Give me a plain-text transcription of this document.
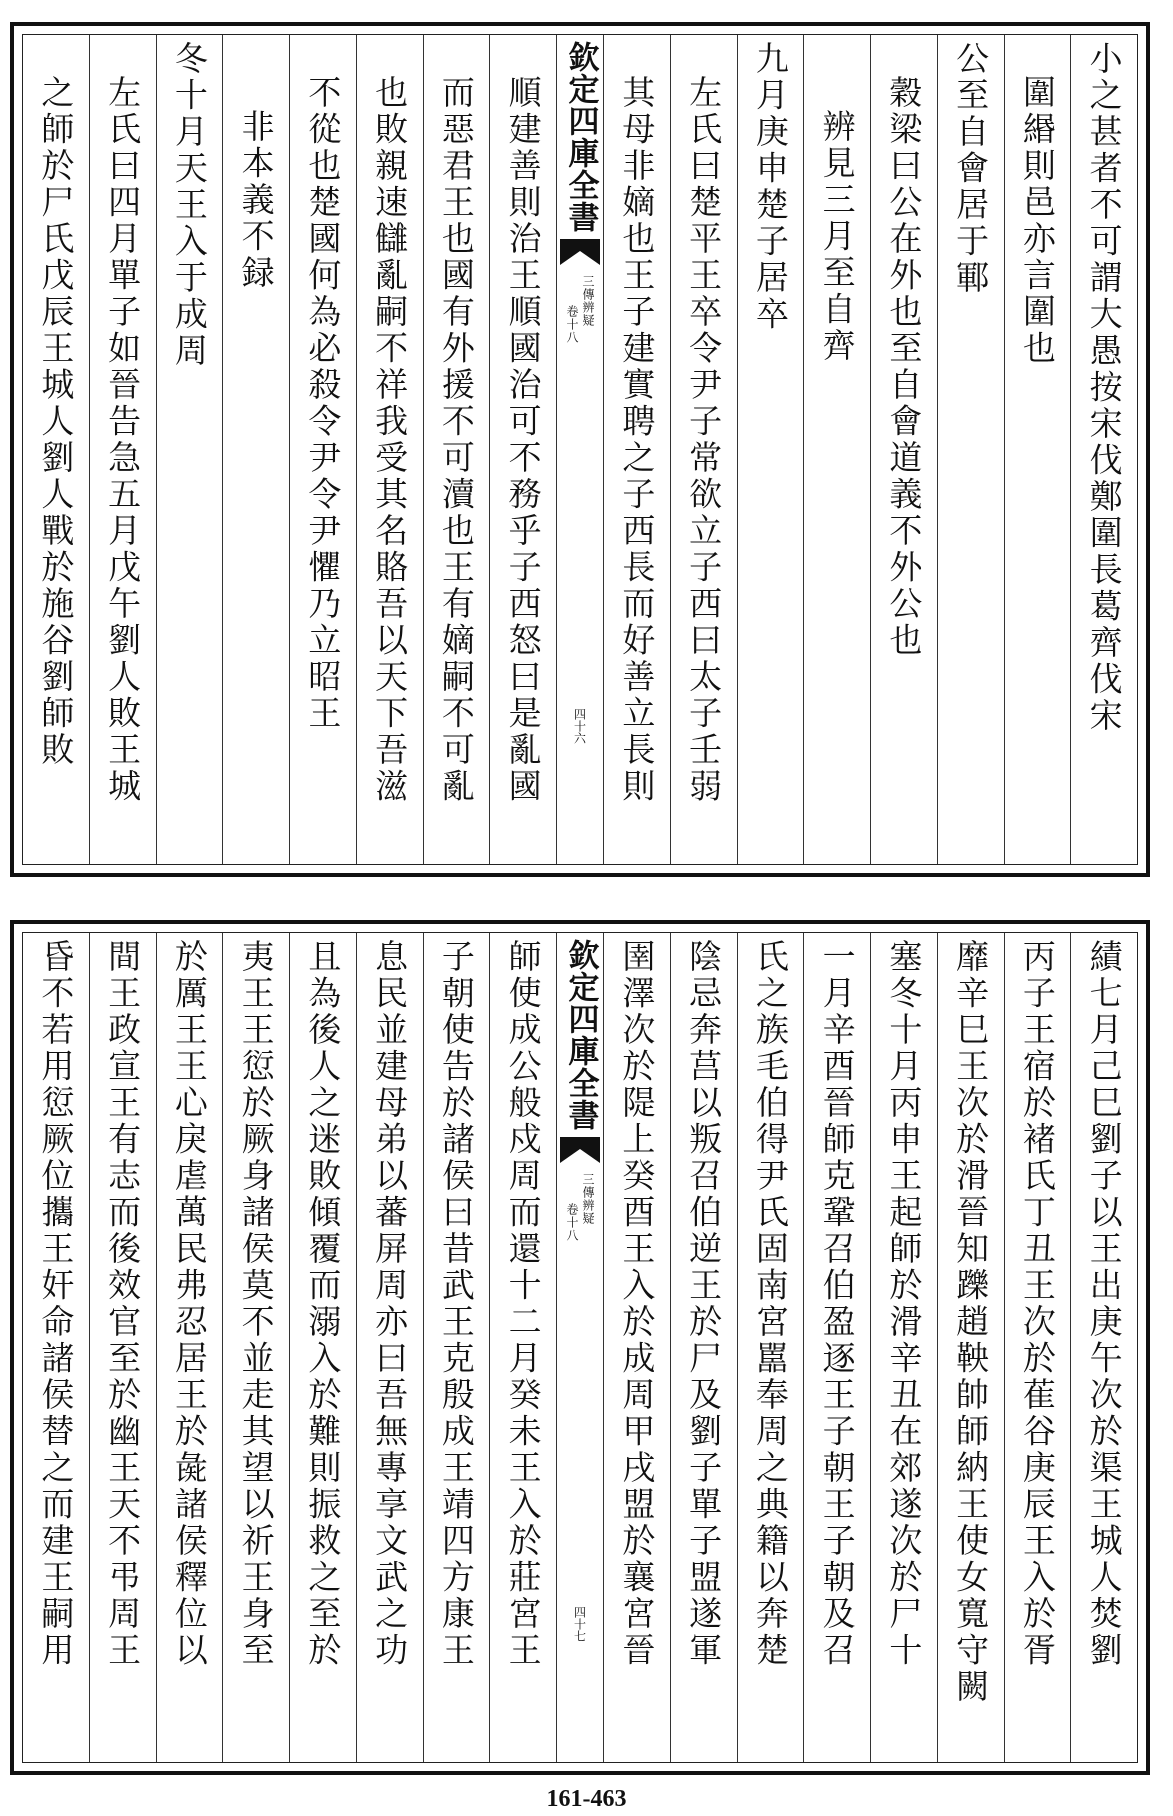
小之甚者不可謂大愚按宋伐鄭圍長葛齊伐宋
圍緡則邑亦言圍也
公至自會居于鄆
穀梁曰公在外也至自會道義不外公也
辨見三月至自齊
九月庚申楚子居卒
左氏曰楚平王卒令尹子常欲立子西曰太子壬弱
其母非嫡也王子建實聘之子西長而好善立長則
欽定四庫全書
三傳辨疑
卷十八
四十六
順建善則治王順國治可不務乎子西怒曰是亂國
而惡君王也國有外援不可瀆也王有嫡嗣不可亂
也敗親速讎亂嗣不祥我受其名賂吾以天下吾滋
不從也楚國何為必殺令尹令尹懼乃立昭王
非本義不録
冬十月天王入于成周
左氏曰四月單子如晉告急五月戊午劉人敗王城
之師於尸氏戊辰王城人劉人戰於施谷劉師敗
績七月己巳劉子以王出庚午次於渠王城人焚劉
丙子王宿於褚氏丁丑王次於萑谷庚辰王入於胥
靡辛巳王次於滑晉知躒趙鞅帥師納王使女寬守闕
塞冬十月丙申王起師於滑辛丑在郊遂次於尸十
一月辛酉晉師克鞏召伯盈逐王子朝王子朝及召
氏之族毛伯得尹氏固南宮嚚奉周之典籍以奔楚
陰忌奔莒以叛召伯逆王於尸及劉子單子盟遂軍
圉澤次於隄上癸酉王入於成周甲戌盟於襄宮晉
欽定四庫全書
三傳辨疑
卷十八
四十七
師使成公般戍周而還十二月癸未王入於莊宮王
子朝使告於諸侯曰昔武王克殷成王靖四方康王
息民並建母弟以蕃屏周亦曰吾無專享文武之功
且為後人之迷敗傾覆而溺入於難則振救之至於
夷王王愆於厥身諸侯莫不並走其望以祈王身至
於厲王王心戾虐萬民弗忍居王於彘諸侯釋位以
間王政宣王有志而後效官至於幽王天不弔周王
昏不若用愆厥位攜王奸命諸侯替之而建王嗣用
161-463
